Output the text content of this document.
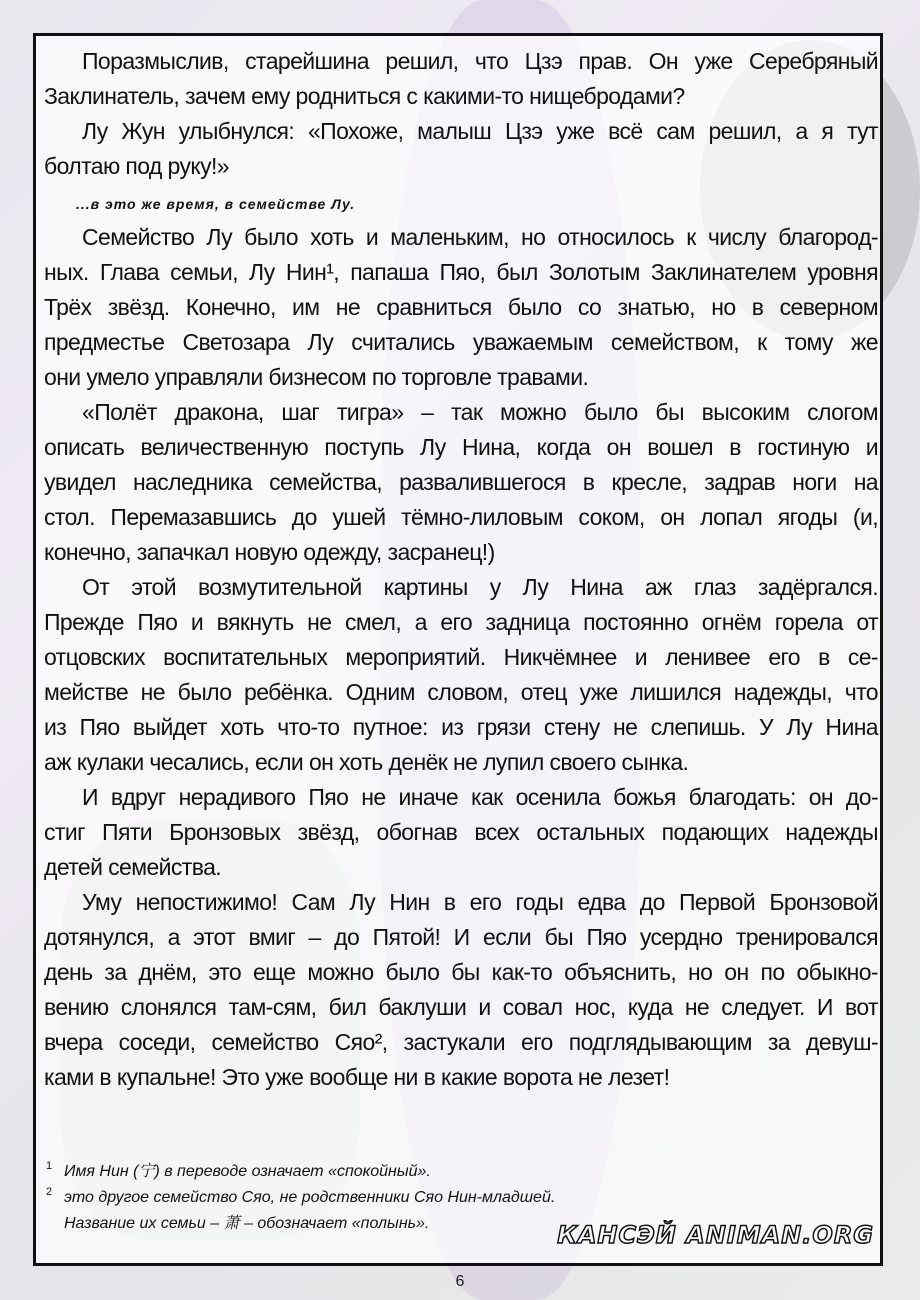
Поразмыслив, старейшина решил, что Цзэ прав. Он уже Серебряный
Заклинатель, зачем ему родниться с какими-то нищебродами?
Лу Жун улыбнулся: «Похоже, малыш Цзэ уже всё сам решил, а я тут
болтаю под руку!»
...в это же время, в семействе Лу.
Семейство Лу было хоть и маленьким, но относилось к числу благород-
ных. Глава семьи, Лу Нин¹, папаша Пяо, был Золотым Заклинателем уровня
Трёх звёзд. Конечно, им не сравниться было со знатью, но в северном
предместье Светозара Лу считались уважаемым семейством, к тому же
они умело управляли бизнесом по торговле травами.
«Полёт дракона, шаг тигра» – так можно было бы высоким слогом
описать величественную поступь Лу Нина, когда он вошел в гостиную и
увидел наследника семейства, развалившегося в кресле, задрав ноги на
стол. Перемазавшись до ушей тёмно-лиловым соком, он лопал ягоды (и,
конечно, запачкал новую одежду, засранец!)
От этой возмутительной картины у Лу Нина аж глаз задёргался.
Прежде Пяо и вякнуть не смел, а его задница постоянно огнём горела от
отцовских воспитательных мероприятий. Никчёмнее и ленивее его в се-
мействе не было ребёнка. Одним словом, отец уже лишился надежды, что
из Пяо выйдет хоть что-то путное: из грязи стену не слепишь. У Лу Нина
аж кулаки чесались, если он хоть денёк не лупил своего сынка.
И вдруг нерадивого Пяо не иначе как осенила божья благодать: он до-
стиг Пяти Бронзовых звёзд, обогнав всех остальных подающих надежды
детей семейства.
Уму непостижимо! Сам Лу Нин в его годы едва до Первой Бронзовой
дотянулся, а этот вмиг – до Пятой! И если бы Пяо усердно тренировался
день за днём, это еще можно было бы как-то объяснить, но он по обыкно-
вению слонялся там-сям, бил баклуши и совал нос, куда не следует. И вот
вчера соседи, семейство Сяо², застукали его подглядывающим за девуш-
ками в купальне! Это уже вообще ни в какие ворота не лезет!
1 Имя Нин (宁) в переводе означает «спокойный».
2 это другое семейство Сяо, не родственники Сяо Нин-младшей.
Название их семьи – 萧 – обозначает «полынь».	КАНСЭЙ ANIMAN.ORG
6
